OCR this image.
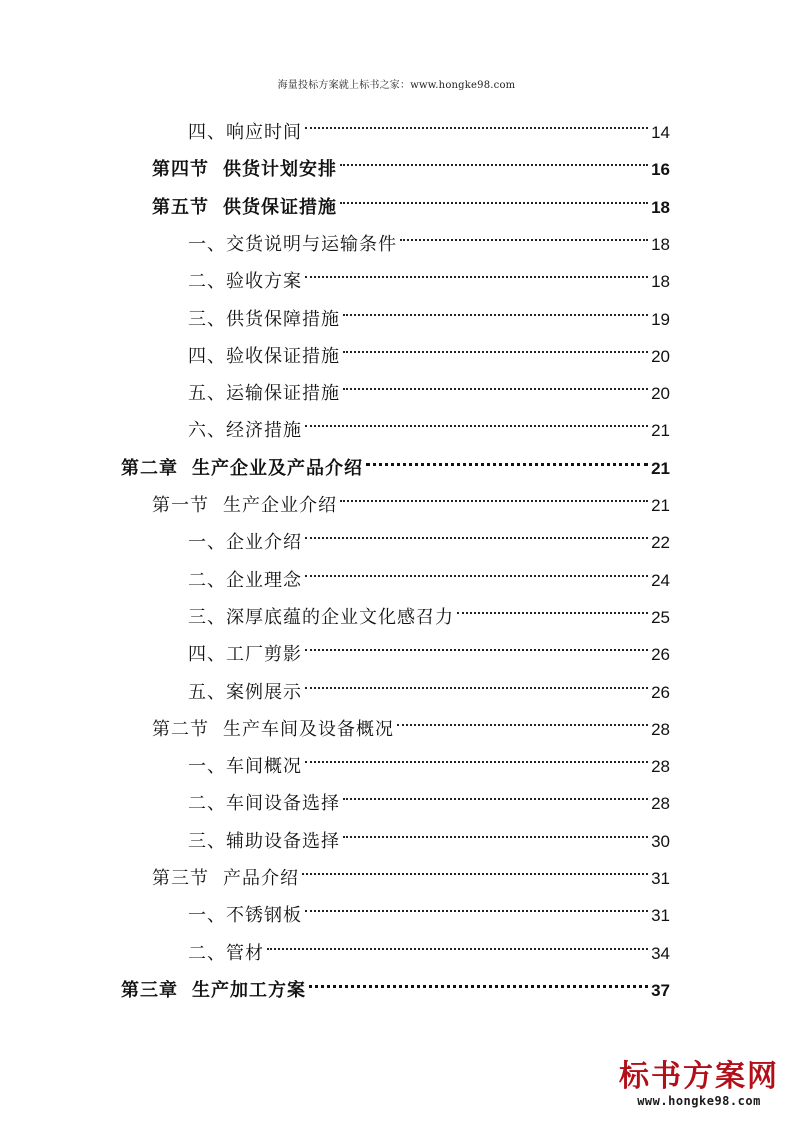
海量投标方案就上标书之家：www.hongke98.com
四、响应时间	14
第四节 供货计划安排	16
第五节 供货保证措施	18
一、交货说明与运输条件	18
二、验收方案	18
三、供货保障措施	19
四、验收保证措施	20
五、运输保证措施	20
六、经济措施	21
第二章 生产企业及产品介绍	21
第一节 生产企业介绍	21
一、企业介绍	22
二、企业理念	24
三、深厚底蕴的企业文化感召力	25
四、工厂剪影	26
五、案例展示	26
第二节 生产车间及设备概况	28
一、车间概况	28
二、车间设备选择	28
三、辅助设备选择	30
第三节 产品介绍	31
一、不锈钢板	31
二、管材	34
第三章 生产加工方案	37
标书方案网
www.hongke98.com
